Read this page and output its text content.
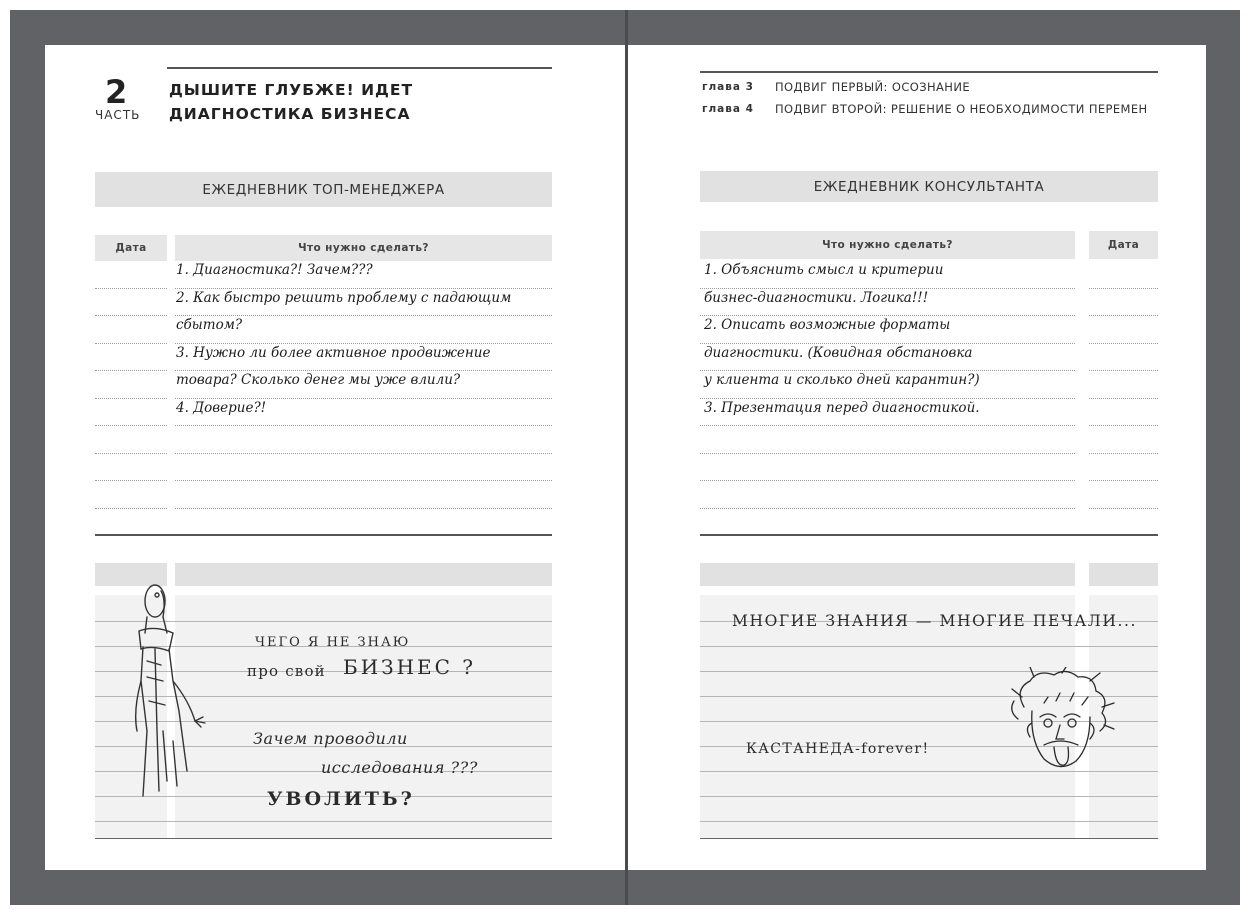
2
ЧАСТЬ
ДЫШИТЕ ГЛУБЖЕ! ИДЕТ
ДИАГНОСТИКА БИЗНЕСА
ЕЖЕДНЕВНИК ТОП-МЕНЕДЖЕРА
Дата	Что нужно сделать?
1. Диагностика?! Зачем???
2. Как быстро решить проблему с падающим
сбытом?
3. Нужно ли более активное продвижение
товара? Сколько денег мы уже влили?
4. Доверие?!
ЧЕГО Я НЕ ЗНАЮ
про свой БИЗНЕС ?
Зачем проводили
исследования ???
УВОЛИТЬ?
глава 3 ПОДВИГ ПЕРВЫЙ: ОСОЗНАНИЕ
глава 4 ПОДВИГ ВТОРОЙ: РЕШЕНИЕ О НЕОБХОДИМОСТИ ПЕРЕМЕН
ЕЖЕДНЕВНИК КОНСУЛЬТАНТА
Что нужно сделать?	Дата
1. Объяснить смысл и критерии
бизнес-диагностики. Логика!!!
2. Описать возможные форматы
диагностики. (Ковидная обстановка
у клиента и сколько дней карантин?)
3. Презентация перед диагностикой.
МНОГИЕ ЗНАНИЯ — МНОГИЕ ПЕЧАЛИ...
КАСТАНЕДА-forever!
